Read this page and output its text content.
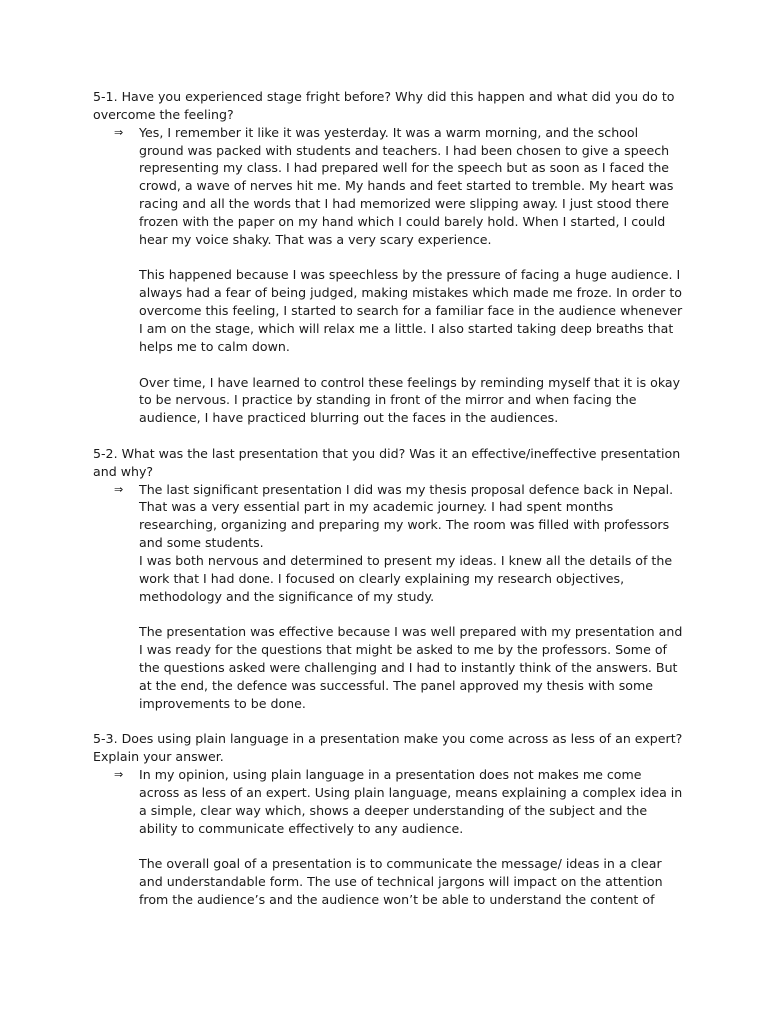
5-1. Have you experienced stage fright before? Why did this happen and what did you do to overcome the feeling?

⇒ Yes, I remember it like it was yesterday. It was a warm morning, and the school ground was packed with students and teachers. I had been chosen to give a speech representing my class. I had prepared well for the speech but as soon as I faced the crowd, a wave of nerves hit me. My hands and feet started to tremble. My heart was racing and all the words that I had memorized were slipping away. I just stood there frozen with the paper on my hand which I could barely hold. When I started, I could hear my voice shaky. That was a very scary experience.

This happened because I was speechless by the pressure of facing a huge audience. I always had a fear of being judged, making mistakes which made me froze. In order to overcome this feeling, I started to search for a familiar face in the audience whenever I am on the stage, which will relax me a little. I also started taking deep breaths that helps me to calm down.

Over time, I have learned to control these feelings by reminding myself that it is okay to be nervous. I practice by standing in front of the mirror and when facing the audience, I have practiced blurring out the faces in the audiences.

5-2. What was the last presentation that you did? Was it an effective/ineffective presentation and why?

⇒ The last significant presentation I did was my thesis proposal defence back in Nepal. That was a very essential part in my academic journey. I had spent months researching, organizing and preparing my work. The room was filled with professors and some students.

I was both nervous and determined to present my ideas. I knew all the details of the work that I had done. I focused on clearly explaining my research objectives, methodology and the significance of my study.

The presentation was effective because I was well prepared with my presentation and I was ready for the questions that might be asked to me by the professors. Some of the questions asked were challenging and I had to instantly think of the answers. But at the end, the defence was successful. The panel approved my thesis with some improvements to be done.

5-3. Does using plain language in a presentation make you come across as less of an expert? Explain your answer.

⇒ In my opinion, using plain language in a presentation does not makes me come across as less of an expert. Using plain language, means explaining a complex idea in a simple, clear way which, shows a deeper understanding of the subject and the ability to communicate effectively to any audience.

The overall goal of a presentation is to communicate the message/ ideas in a clear and understandable form. The use of technical jargons will impact on the attention from the audience’s and the audience won’t be able to understand the content of
